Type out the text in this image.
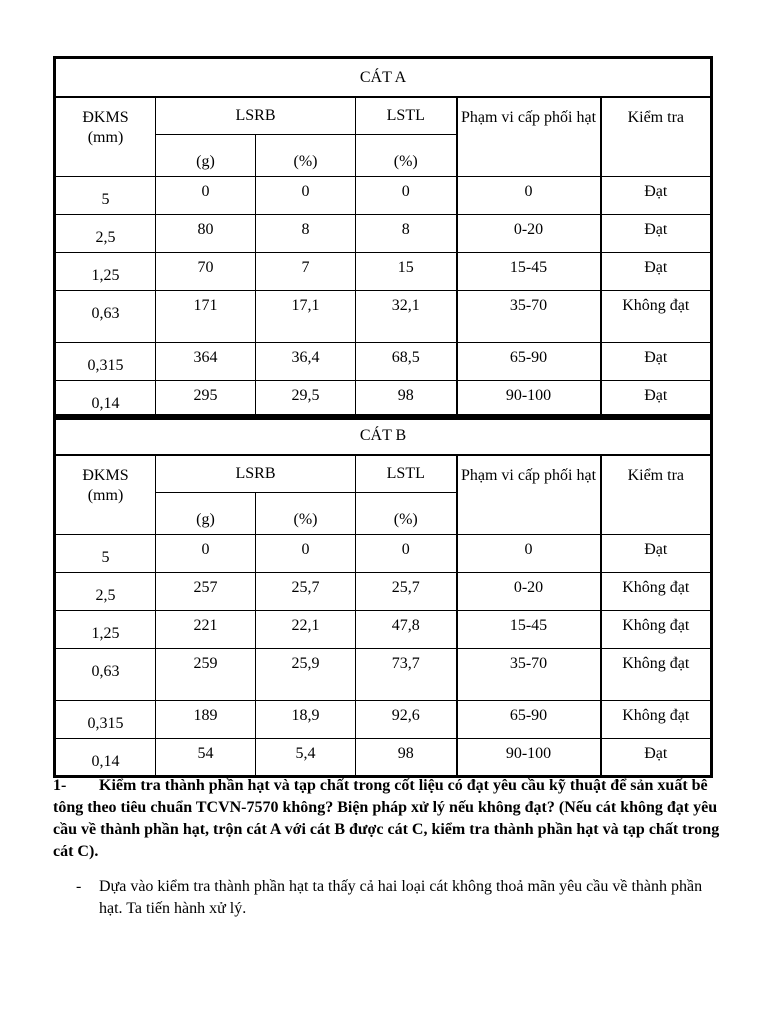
CÁT A					

ĐKMS
(mm)	LSRB		LSTL	Phạm vi cấp phối hạt	Kiểm tra
	(g)	(%)	(%)		
5	0	0	0	0	Đạt
2,5	80	8	8	0-20	Đạt
1,25	70	7	15	15-45	Đạt
0,63	171	17,1	32,1	35-70	Không đạt
0,315	364	36,4	68,5	65-90	Đạt
0,14	295	29,5	98	90-100	Đạt
CÁT B					

ĐKMS
(mm)	LSRB		LSTL	Phạm vi cấp phối hạt	Kiểm tra
	(g)	(%)	(%)		
5	0	0	0	0	Đạt
2,5	257	25,7	25,7	0-20	Không đạt
1,25	221	22,1	47,8	15-45	Không đạt
0,63	259	25,9	73,7	35-70	Không đạt
0,315	189	18,9	92,6	65-90	Không đạt
0,14	54	5,4	98	90-100	Đạt
1- Kiểm tra thành phần hạt và tạp chất trong cốt liệu có đạt yêu cầu kỹ thuật để sản xuất bê tông theo tiêu chuẩn TCVN-7570 không? Biện pháp xử lý nếu không đạt? (Nếu cát không đạt yêu cầu về thành phần hạt, trộn cát A với cát B được cát C, kiểm tra thành phần hạt và tạp chất trong cát C).
- Dựa vào kiểm tra thành phần hạt ta thấy cả hai loại cát không thoả mãn yêu cầu về thành phần hạt. Ta tiến hành xử lý.
